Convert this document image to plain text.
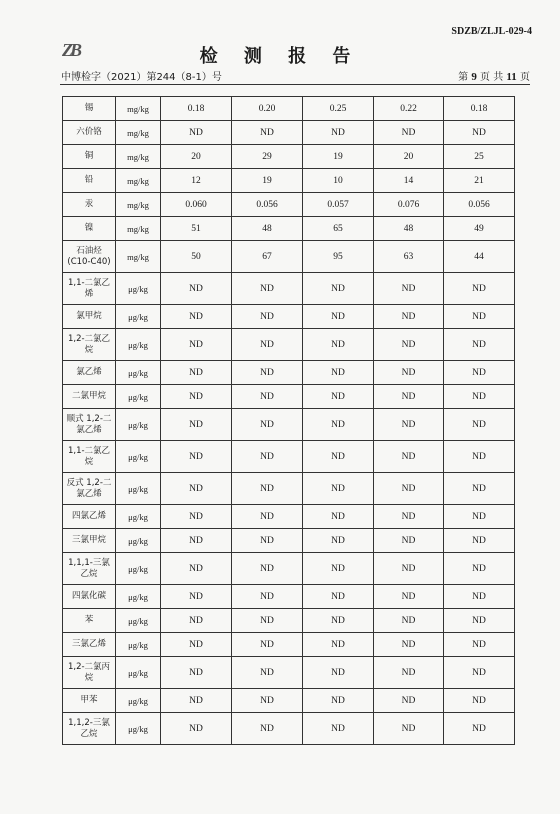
SDZB/ZLJL-029-4
ZB	检 测 报 告
中博检字（2021）第244（8-1）号	第 9 页 共 11 页
锡	mg/kg	0.18	0.20	0.25	0.22	0.18
六价铬	mg/kg	ND	ND	ND	ND	ND
铜	mg/kg	20	29	19	20	25
铅	mg/kg	12	19	10	14	21
汞	mg/kg	0.060	0.056	0.057	0.076	0.056
镍	mg/kg	51	48	65	48	49
石油烃 (C10-C40)	mg/kg	50	67	95	63	44
1,1-二氯乙烯	μg/kg	ND	ND	ND	ND	ND
氯甲烷	μg/kg	ND	ND	ND	ND	ND
1,2-二氯乙烷	μg/kg	ND	ND	ND	ND	ND
氯乙烯	μg/kg	ND	ND	ND	ND	ND
二氯甲烷	μg/kg	ND	ND	ND	ND	ND
顺式 1,2-二氯乙烯	μg/kg	ND	ND	ND	ND	ND
1,1-二氯乙烷	μg/kg	ND	ND	ND	ND	ND
反式 1,2-二氯乙烯	μg/kg	ND	ND	ND	ND	ND
四氯乙烯	μg/kg	ND	ND	ND	ND	ND
三氯甲烷	μg/kg	ND	ND	ND	ND	ND
1,1,1-三氯乙烷	μg/kg	ND	ND	ND	ND	ND
四氯化碳	μg/kg	ND	ND	ND	ND	ND
苯	μg/kg	ND	ND	ND	ND	ND
三氯乙烯	μg/kg	ND	ND	ND	ND	ND
1,2-二氯丙烷	μg/kg	ND	ND	ND	ND	ND
甲苯	μg/kg	ND	ND	ND	ND	ND
1,1,2-三氯乙烷	μg/kg	ND	ND	ND	ND	ND
